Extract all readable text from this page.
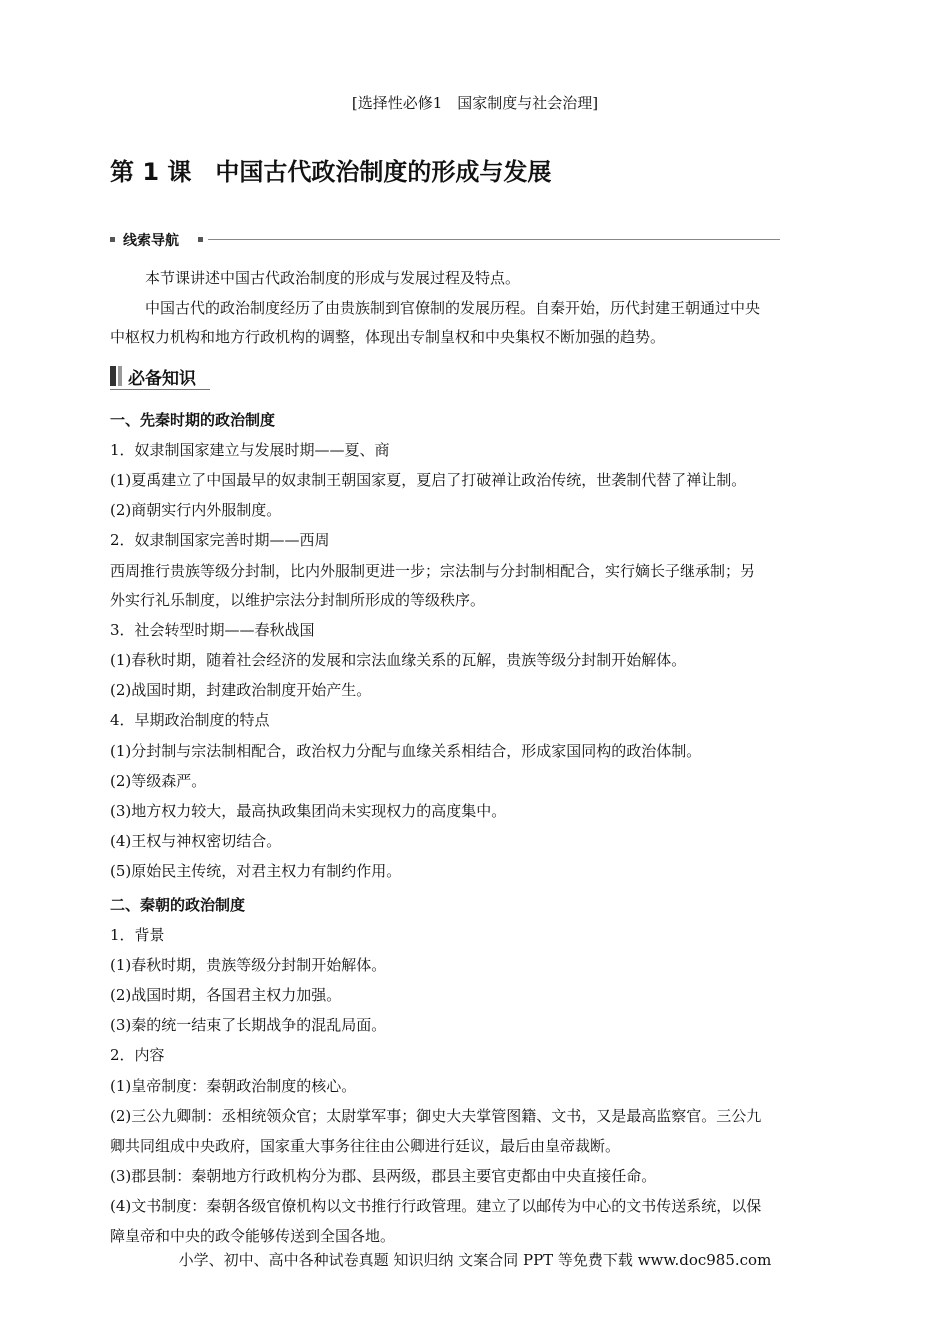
[选择性必修1　国家制度与社会治理]
第 1 课　中国古代政治制度的形成与发展
线索导航
本节课讲述中国古代政治制度的形成与发展过程及特点。
中国古代的政治制度经历了由贵族制到官僚制的发展历程。自秦开始，历代封建王朝通过中央
中枢权力机构和地方行政机构的调整，体现出专制皇权和中央集权不断加强的趋势。
必备知识
一、先秦时期的政治制度
1．奴隶制国家建立与发展时期——夏、商
(1)夏禹建立了中国最早的奴隶制王朝国家夏，夏启了打破禅让政治传统，世袭制代替了禅让制。
(2)商朝实行内外服制度。
2．奴隶制国家完善时期——西周
西周推行贵族等级分封制，比内外服制更进一步；宗法制与分封制相配合，实行嫡长子继承制；另
外实行礼乐制度，以维护宗法分封制所形成的等级秩序。
3．社会转型时期——春秋战国
(1)春秋时期，随着社会经济的发展和宗法血缘关系的瓦解，贵族等级分封制开始解体。
(2)战国时期，封建政治制度开始产生。
4．早期政治制度的特点
(1)分封制与宗法制相配合，政治权力分配与血缘关系相结合，形成家国同构的政治体制。
(2)等级森严。
(3)地方权力较大，最高执政集团尚未实现权力的高度集中。
(4)王权与神权密切结合。
(5)原始民主传统，对君主权力有制约作用。
二、秦朝的政治制度
1．背景
(1)春秋时期，贵族等级分封制开始解体。
(2)战国时期，各国君主权力加强。
(3)秦的统一结束了长期战争的混乱局面。
2．内容
(1)皇帝制度：秦朝政治制度的核心。
(2)三公九卿制：丞相统领众官；太尉掌军事；御史大夫掌管图籍、文书，又是最高监察官。三公九
卿共同组成中央政府，国家重大事务往往由公卿进行廷议，最后由皇帝裁断。
(3)郡县制：秦朝地方行政机构分为郡、县两级，郡县主要官吏都由中央直接任命。
(4)文书制度：秦朝各级官僚机构以文书推行行政管理。建立了以邮传为中心的文书传送系统，以保
障皇帝和中央的政令能够传送到全国各地。
小学、初中、高中各种试卷真题 知识归纳 文案合同 PPT 等免费下载 www.doc985.com
